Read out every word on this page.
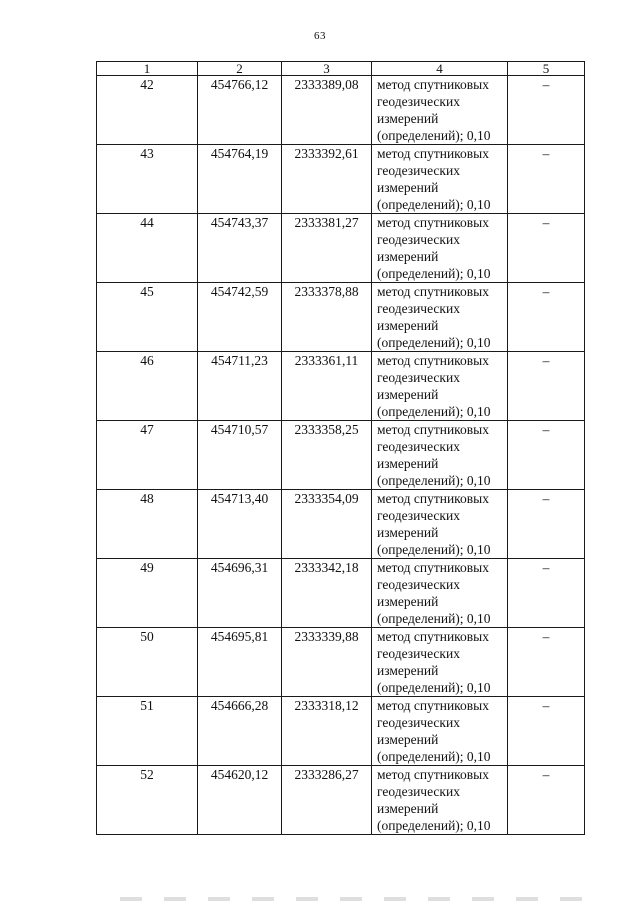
63
1	2	3	4	5
42	454766,12	2333389,08	метод спутниковых
геодезических
измерений
(определений); 0,10	–
43	454764,19	2333392,61	метод спутниковых
геодезических
измерений
(определений); 0,10	–
44	454743,37	2333381,27	метод спутниковых
геодезических
измерений
(определений); 0,10	–
45	454742,59	2333378,88	метод спутниковых
геодезических
измерений
(определений); 0,10	–
46	454711,23	2333361,11	метод спутниковых
геодезических
измерений
(определений); 0,10	–
47	454710,57	2333358,25	метод спутниковых
геодезических
измерений
(определений); 0,10	–
48	454713,40	2333354,09	метод спутниковых
геодезических
измерений
(определений); 0,10	–
49	454696,31	2333342,18	метод спутниковых
геодезических
измерений
(определений); 0,10	–
50	454695,81	2333339,88	метод спутниковых
геодезических
измерений
(определений); 0,10	–
51	454666,28	2333318,12	метод спутниковых
геодезических
измерений
(определений); 0,10	–
52	454620,12	2333286,27	метод спутниковых
геодезических
измерений
(определений); 0,10	–
